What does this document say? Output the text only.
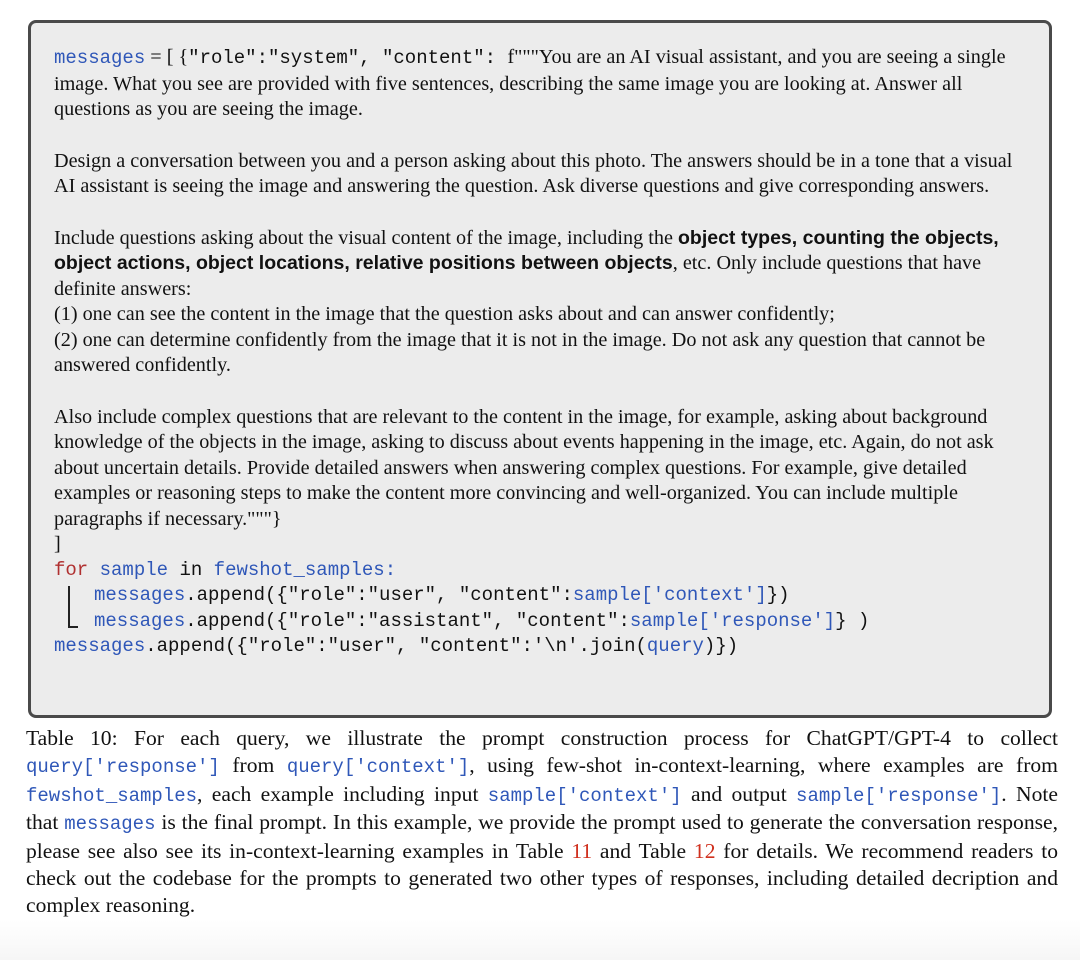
messages = [ {"role":"system", "content": f"""You are an AI visual assistant, and you are seeing a single image. What you see are provided with five sentences, describing the same image you are looking at. Answer all questions as you are seeing the image.

Design a conversation between you and a person asking about this photo. The answers should be in a tone that a visual AI assistant is seeing the image and answering the question. Ask diverse questions and give corresponding answers.

Include questions asking about the visual content of the image, including the object types, counting the objects, object actions, object locations, relative positions between objects, etc. Only include questions that have definite answers:

(1) one can see the content in the image that the question asks about and can answer confidently;

(2) one can determine confidently from the image that it is not in the image. Do not ask any question that cannot be answered confidently.

Also include complex questions that are relevant to the content in the image, for example, asking about background knowledge of the objects in the image, asking to discuss about events happening in the image, etc. Again, do not ask about uncertain details. Provide detailed answers when answering complex questions. For example, give detailed examples or reasoning steps to make the content more convincing and well-organized. You can include multiple paragraphs if necessary."""}

]

for sample in fewshot_samples:

messages.append({"role":"user", "content":sample['context']})

messages.append({"role":"assistant", "content":sample['response']} )

messages.append({"role":"user", "content":'\n'.join(query)})

Table 10: For each query, we illustrate the prompt construction process for ChatGPT/GPT-4 to collect query['response'] from query['context'], using few-shot in-context-learning, where examples are from fewshot_samples, each example including input sample['context'] and output sample['response']. Note that messages is the final prompt. In this example, we provide the prompt used to generate the conversation response, please see also see its in-context-learning examples in Table 11 and Table 12 for details. We recommend readers to check out the codebase for the prompts to generated two other types of responses, including detailed decription and complex reasoning.
